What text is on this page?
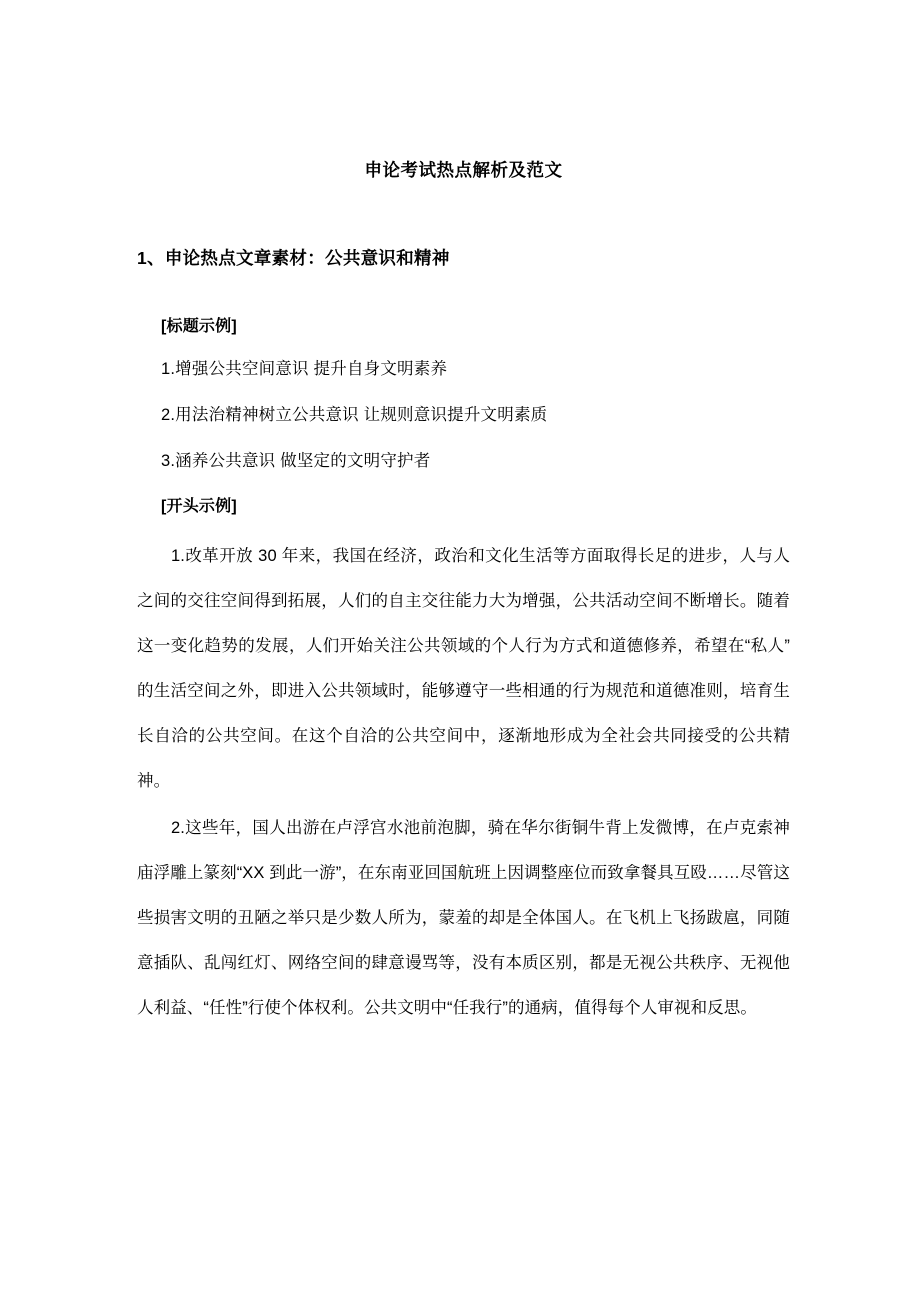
申论考试热点解析及范文
1、申论热点文章素材：公共意识和精神
[标题示例]
1.增强公共空间意识 提升自身文明素养
2.用法治精神树立公共意识 让规则意识提升文明素质
3.涵养公共意识 做坚定的文明守护者
[开头示例]

1.改革开放 30 年来，我国在经济，政治和文化生活等方面取得长足的进步，人与人之间的交往空间得到拓展，人们的自主交往能力大为增强，公共活动空间不断增长。随着这一变化趋势的发展，人们开始关注公共领域的个人行为方式和道德修养，希望在“私人”的生活空间之外，即进入公共领域时，能够遵守一些相通的行为规范和道德准则，培育生长自洽的公共空间。在这个自洽的公共空间中，逐渐地形成为全社会共同接受的公共精神。

2.这些年，国人出游在卢浮宫水池前泡脚，骑在华尔街铜牛背上发微博，在卢克索神庙浮雕上篆刻“XX 到此一游”，在东南亚回国航班上因调整座位而致拿餐具互殴……尽管这些损害文明的丑陋之举只是少数人所为，蒙羞的却是全体国人。在飞机上飞扬跋扈，同随意插队、乱闯红灯、网络空间的肆意谩骂等，没有本质区别，都是无视公共秩序、无视他人利益、“任性”行使个体权利。公共文明中“任我行”的通病，值得每个人审视和反思。
